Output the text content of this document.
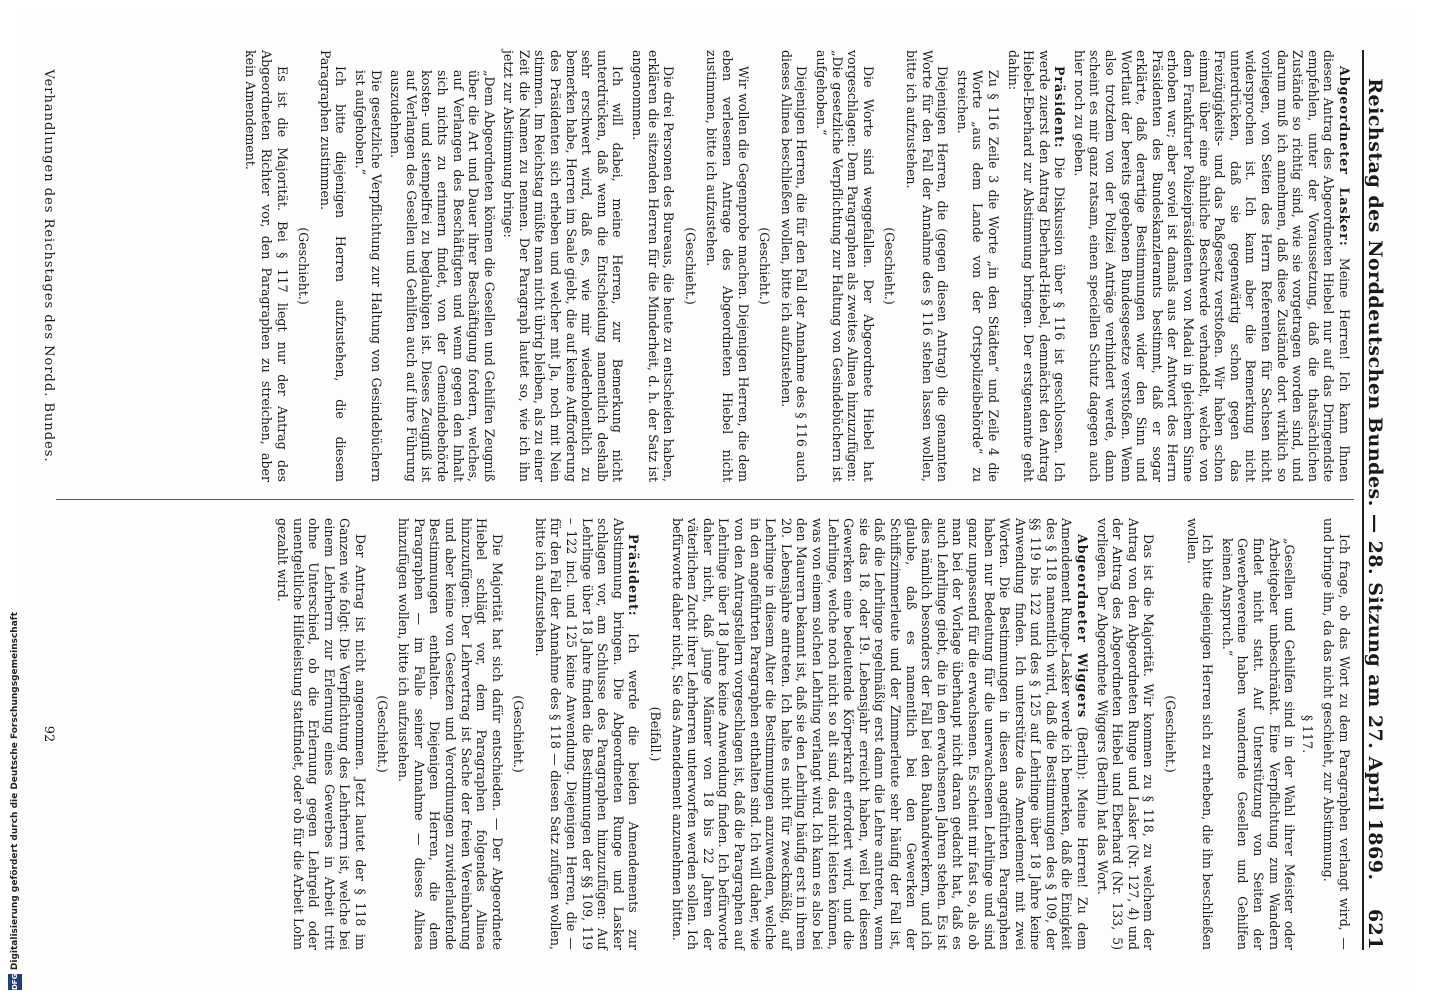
Reichstag des Norddeutschen Bundes. — 28. Sitzung am 27. April 1869.
621

Abgeordneter Lasker: Meine Herren! Ich kann Ihnen diesen Antrag des Abgeordneten Hiebel nur auf das Dringendste empfehlen, unter der Voraussetzung, daß die thatsächlichen Zustände so richtig sind, wie sie vorgetragen worden sind, und darum muß ich annehmen, daß diese Zustände dort wirklich so vorliegen, von Seiten des Herrn Referenten für Sachsen nicht widersprochen ist. Ich kann aber die Bemerkung nicht unterdrücken, daß sie gegenwärtig schon gegen das Freizügigkeits- und das Paßgesetz verstoßen. Wir haben schon einmal über eine ähnliche Beschwerde verhandelt, welche von dem Frankfurter Polizeipräsidenten von Madai in gleichem Sinne erhoben war; aber soviel ist damals aus der Antwort des Herrn Präsidenten des Bundeskanzleramts bestimmt, daß er sogar erklärte, daß derartige Bestimmungen wider den Sinn und Wortlaut der bereits gegebenen Bundesgesetze verstoßen. Wenn also trotzdem von der Polizei Anträge verhindert werde, dann scheint es mir ganz ratsam, einen speciellen Schutz dagegen auch hier noch zu geben.

Präsident: Die Diskussion über § 116 ist geschlossen. Ich werde zuerst den Antrag Eberhard-Hiebel, demnächst den Antrag Hiebel-Eberhard zur Abstimmung bringen. Der erstgenannte geht dahin:

Zu § 116 Zeile 3 die Worte „in den Städten“ und Zeile 4 die Worte „aus dem Lande von der Ortspolizeibehörde“ zu streichen.

Diejenigen Herren, die (gegen diesen Antrag) die genannten Worte für den Fall der Annahme des § 116 stehen lassen wollen, bitte ich aufzustehen.

(Geschieht.)

Die Worte sind weggefallen. Der Abgeordnete Hiebel hat vorgeschlagen: Dem Paragraphen als zweites Alinea hinzuzufügen: „Die gesetzliche Verpflichtung zur Haltung von Gesindebüchern ist aufgehoben.“

Diejenigen Herren, die für den Fall der Annahme des § 116 auch dieses Alinea beschließen wollen, bitte ich aufzustehen.

(Geschieht.)

Wir wollen die Gegenprobe machen. Diejenigen Herren, die dem eben verlesenen Antrage des Abgeordneten Hiebel nicht zustimmen, bitte ich aufzustehen.

(Geschieht.)

Die drei Personen des Bureaus, die heute zu entscheiden haben, erklären die sitzenden Herren für die Minderheit, d. h. der Satz ist angenommen.

Ich will dabei, meine Herren, zur Bemerkung nicht unterdrücken, daß wenn die Entscheidung namentlich deshalb sehr erschwert wird, daß es, wie mir wiederholentlich zu bemerken habe, Herren im Saale giebt, die auf keine Aufforderung des Präsidenten sich erheben und welcher mit Ja, noch mit Nein stimmen. Im Reichstag müßte man nicht übrig bleiben, als zu einer Zeit die Namen zu nennen. Der Paragraph lautet so, wie ich ihn jetzt zur Abstimmung bringe:

„Dem Abgeordneten können die Gesellen und Gehilfen Zeugniß über die Art und Dauer ihrer Beschäftigung fordern, welches, auf Verlangen des Beschäftigten und wenn gegen den Inhalt sich nichts zu erinnern findet, von der Gemeindebehörde kosten- und stempelfrei zu beglaubigen ist. Dieses Zeugniß ist auf Verlangen des Gesellen und Gehilfen auch auf ihre Führung auszudehnen.

Die gesetzliche Verpflichtung zur Haltung von Gesindebüchern ist aufgehoben.“

Ich bitte diejenigen Herren aufzustehen, die diesem Paragraphen zustimmen.

(Geschieht.)

Es ist die Majorität. Bei § 117 liegt nur der Antrag des Abgeordneten Richter vor, den Paragraphen zu streichen, aber kein Amendement.

Ich frage, ob das Wort zu dem Paragraphen verlangt wird, — und bringe ihn, da das nicht geschieht, zur Abstimmung.

§ 117.

„Gesellen und Gehilfen sind in der Wahl ihrer Meister oder Arbeitgeber unbeschränkt. Eine Verpflichtung zum Wandern findet nicht statt. Auf Unterstützung von Seiten der Gewerbevereine haben wandernde Gesellen und Gehilfen keinen Anspruch.“

Ich bitte diejenigen Herren sich zu erheben, die ihn beschließen wollen.

(Geschieht.)

Das ist die Majorität. Wir kommen zu § 118, zu welchem der Antrag von den Abgeordneten Runge und Lasker (Nr. 127, 4) und der Antrag des Abgeordneten Hiebel und Eberhard (Nr. 133, 5) vorliegen. Der Abgeordnete Wiggers (Berlin) hat das Wort.

Abgeordneter Wiggers (Berlin): Meine Herren! Zu dem Amendement Runge-Lasker werde ich bemerken, daß die Einigkeit des § 118 namentlich wird, daß die Bestimmungen des § 109, der §§ 119 bis 122 und des § 125 auf Lehrlinge über 18 Jahre keine Anwendung finden. Ich unterstütze das Amendement mit zwei Worten. Die Bestimmungen in diesen angeführten Paragraphen haben nur Bedeutung für die unerwachsenen Lehrlinge und sind ganz unpassend für die erwachsenen. Es scheint mir fast so, als ob man bei der Vorlage überhaupt nicht daran gedacht hat, daß es auch Lehrlinge giebt, die in den erwachsenen Jahren stehen. Es ist dies nämlich besonders der Fall bei den Bauhandwerkern, und ich glaube, daß es namentlich bei den Gewerken der Schiffszimmerleute und der Zimmerleute sehr häufig der Fall ist, daß die Lehrlinge regelmäßig erst dann die Lehre antreten, wenn sie das 18. oder 19. Lebensjahr erreicht haben, weil bei diesen Gewerken eine bedeutende Körperkraft erfordert wird, und die Lehrlinge, welche noch nicht so alt sind, das nicht leisten können, was von einem solchen Lehrling verlangt wird. Ich kann es also bei den Maurern bekannt ist, daß sie den Lehrling häufig erst in ihrem 20. Lebensjahre antreten. Ich halte es nicht für zweckmäßig, auf Lehrlinge in diesem Alter die Bestimmungen anzuwenden, welche in den angeführten Paragraphen enthalten sind. Ich will daher, wie von den Antragstellern vorgeschlagen ist, daß die Paragraphen auf Lehrlinge über 18 Jahre keine Anwendung finden. Ich befürworte daher nicht, daß junge Männer von 18 bis 22 Jahren der väterlichen Zucht ihrer Lehrherren unterworfen werden sollen. Ich befürworte daher nicht, Sie das Amendement anzunehmen bitten.

(Beifall.)

Präsident: Ich werde die beiden Amendements zur Abstimmung bringen. Die Abgeordneten Runge und Lasker schlagen vor, am Schlusse des Paragraphen hinzuzufügen: Auf Lehrlinge über 18 Jahre finden die Bestimmungen der §§ 109, 119 – 122 incl. und 125 keine Anwendung. Diejenigen Herren, die — für den Fall der Annahme des § 118 — diesen Satz zufügen wollen, bitte ich aufzustehen.

(Geschieht.)

Die Majorität hat sich dafür entschieden. — Der Abgeordnete Hiebel schlägt vor, dem Paragraphen folgendes Alinea hinzuzufügen: Der Lehrvertrag ist Sache der freien Vereinbarung und aber keine von Gesetzen und Verordnungen zuwiderlaufende Bestimmungen enthalten. Diejenigen Herren, die dem Paragraphen — im Falle seiner Annahme — dieses Alinea hinzufügen wollen, bitte ich aufzustehen.

(Geschieht.)

Der Antrag ist nicht angenommen. Jetzt lautet der § 118 im Ganzen wie folgt: Die Verpflichtung des Lehrherrn ist, welche bei einem Lehrherrn zur Erlernung eines Gewerbes in Arbeit tritt ohne Unterschied, ob die Erlernung gegen Lehrgeld oder unentgeltliche Hilfeleistung stattfindet, oder ob für die Arbeit Lohn gezahlt wird.

Verhandlungen des Reichstages des Nordd. Bundes.
92
Digitalisierung gefördert durch die Deutsche Forschungsgemeinschaft
DFG
